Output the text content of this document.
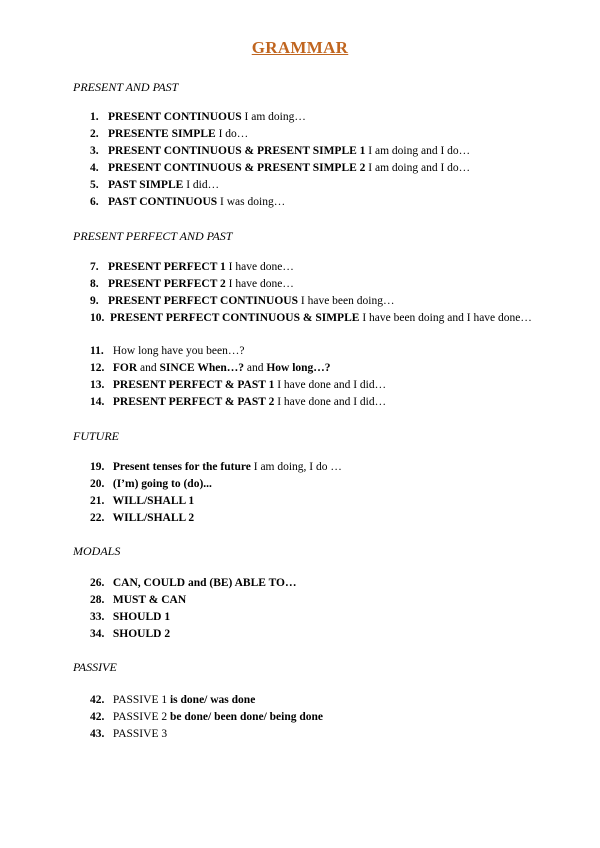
GRAMMAR
PRESENT AND PAST
1. PRESENT CONTINUOUS I am doing…
2. PRESENTE SIMPLE I do…
3. PRESENT CONTINUOUS & PRESENT SIMPLE 1 I am doing and I do…
4. PRESENT CONTINUOUS & PRESENT SIMPLE 2 I am doing and I do…
5. PAST SIMPLE I did…
6. PAST CONTINUOUS I was doing…
PRESENT PERFECT AND PAST
7. PRESENT PERFECT 1 I have done…
8. PRESENT PERFECT 2 I have done…
9. PRESENT PERFECT CONTINUOUS I have been doing…
10. PRESENT PERFECT CONTINUOUS & SIMPLE I have been doing and I have done…
11. How long have you been…?
12. FOR and SINCE When…? and How long…?
13. PRESENT PERFECT & PAST 1 I have done and I did…
14. PRESENT PERFECT & PAST 2 I have done and I did…
FUTURE
19. Present tenses for the future I am doing, I do …
20. (I’m) going to (do)...
21. WILL/SHALL 1
22. WILL/SHALL 2
MODALS
26. CAN, COULD and (BE) ABLE TO…
28. MUST & CAN
33. SHOULD 1
34. SHOULD 2
PASSIVE
42. PASSIVE 1 is done/ was done
42. PASSIVE 2 be done/ been done/ being done
43. PASSIVE 3
